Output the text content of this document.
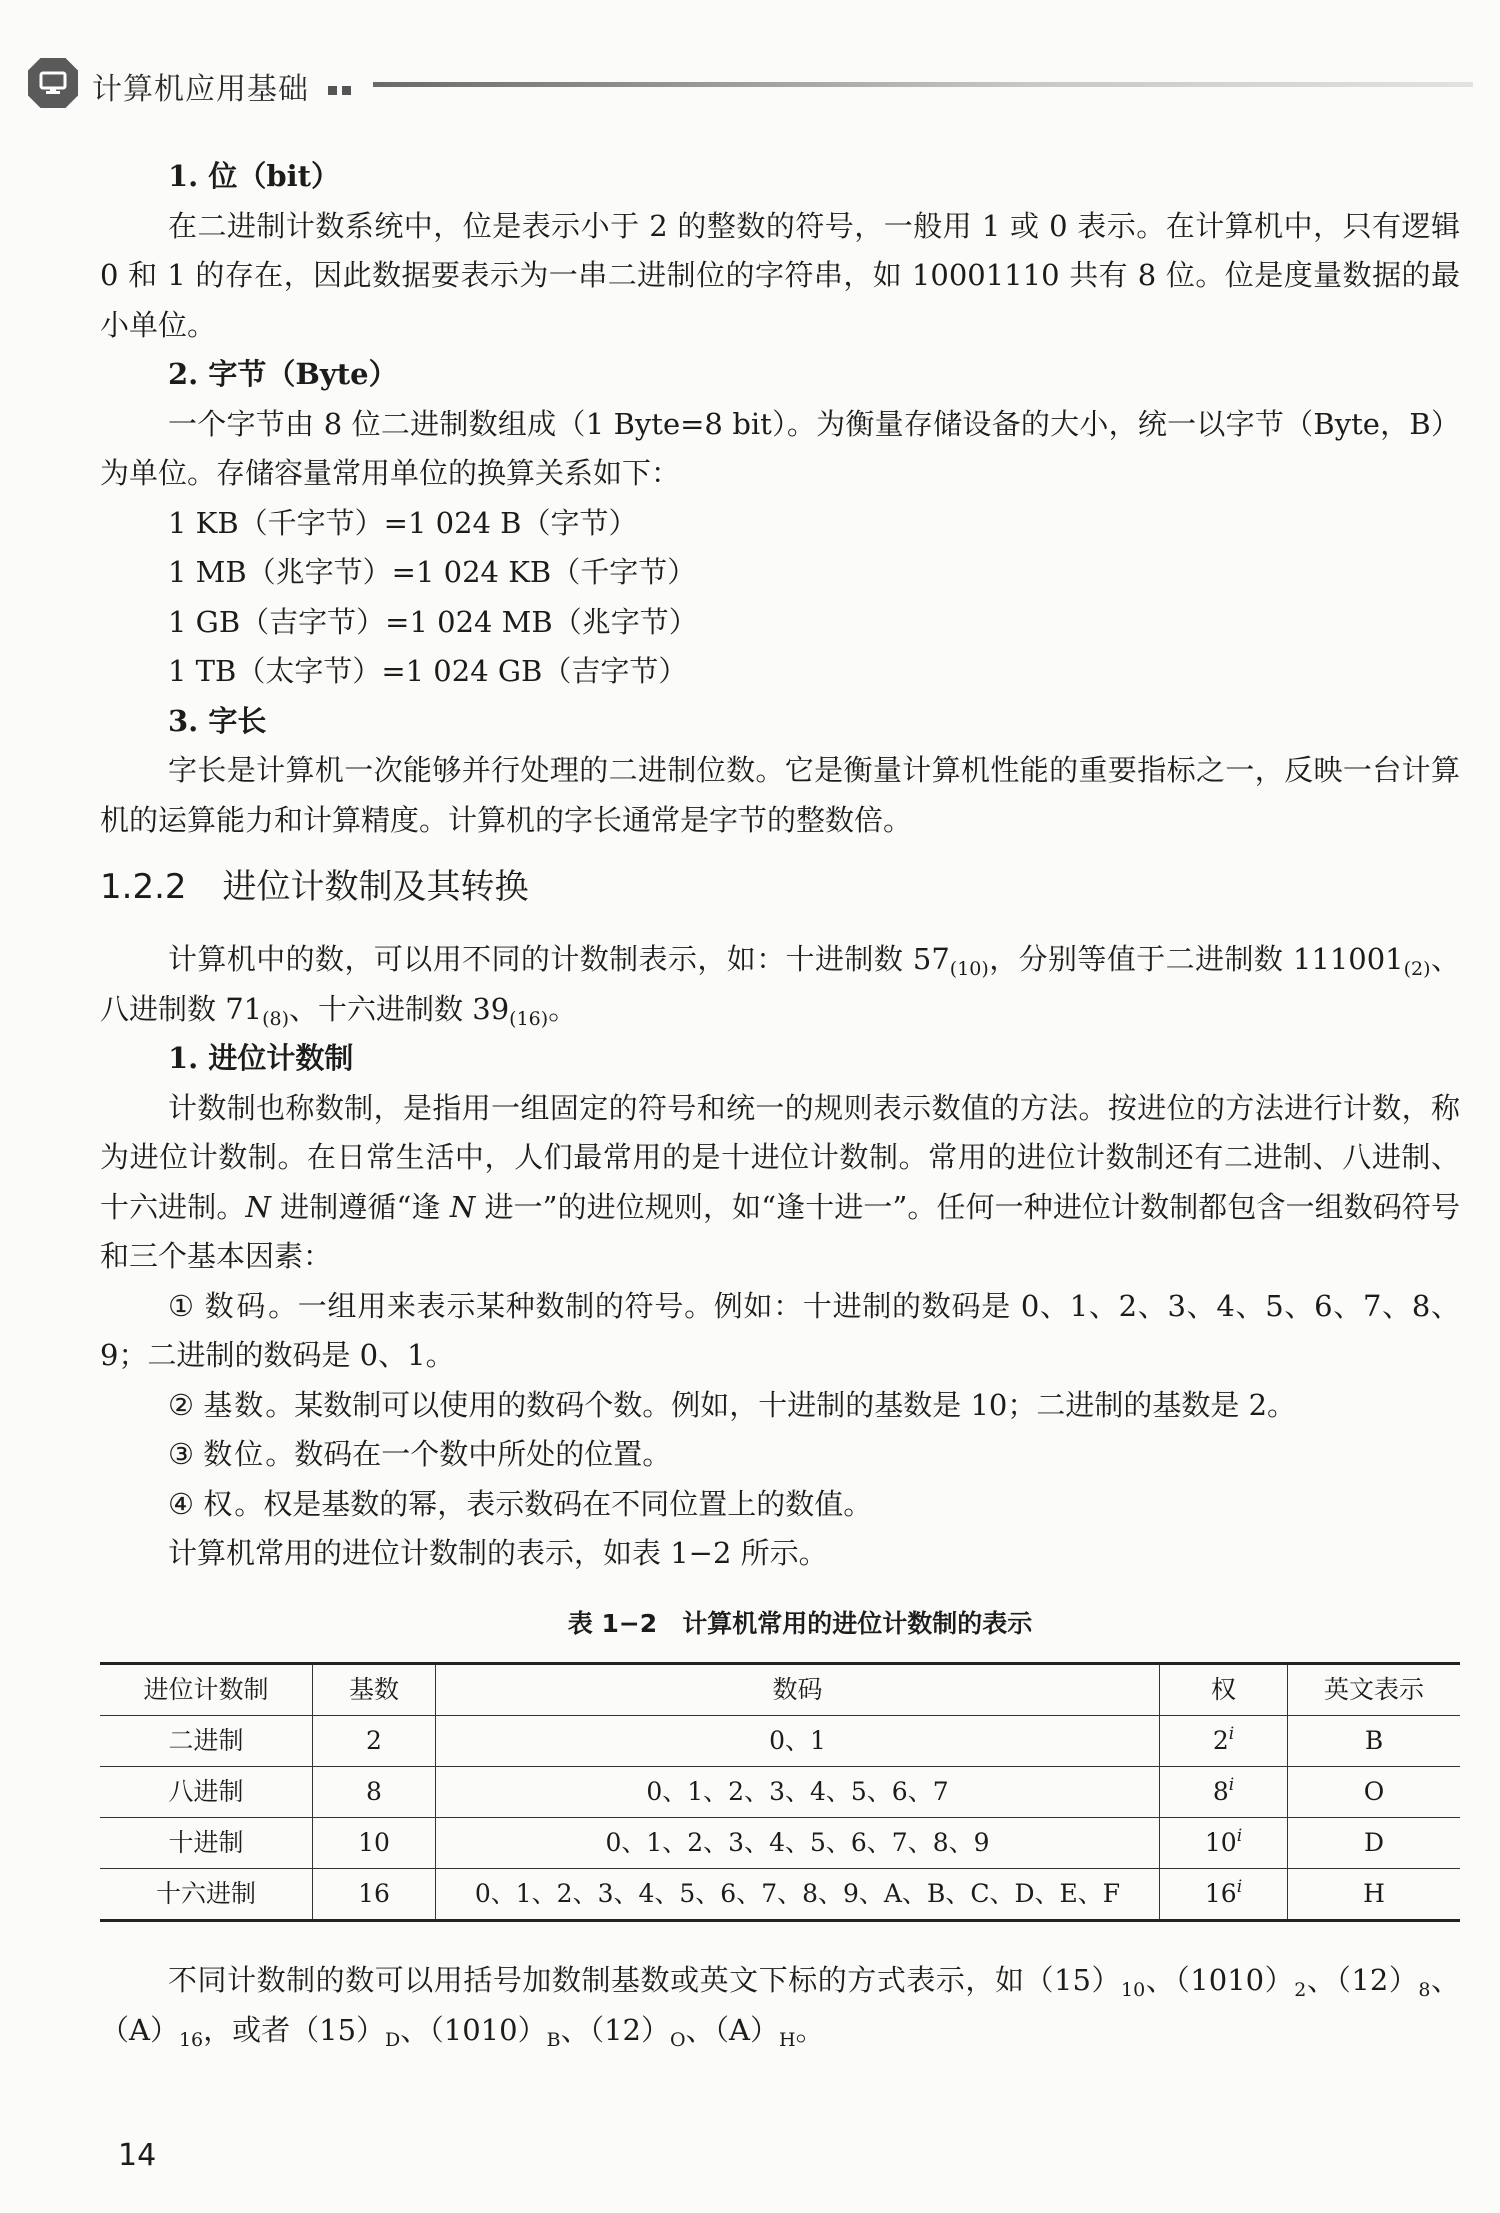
计算机应用基础

1. 位（bit）

在二进制计数系统中，位是表示小于 2 的整数的符号，一般用 1 或 0 表示。在计算机中，只有逻辑 0 和 1 的存在，因此数据要表示为一串二进制位的字符串，如 10001110 共有 8 位。位是度量数据的最小单位。

2. 字节（Byte）

一个字节由 8 位二进制数组成（1 Byte=8 bit）。为衡量存储设备的大小，统一以字节（Byte，B）为单位。存储容量常用单位的换算关系如下：

1 KB（千字节）=1 024 B（字节）

1 MB（兆字节）=1 024 KB（千字节）

1 GB（吉字节）=1 024 MB（兆字节）

1 TB（太字节）=1 024 GB（吉字节）

3. 字长

字长是计算机一次能够并行处理的二进制位数。它是衡量计算机性能的重要指标之一，反映一台计算机的运算能力和计算精度。计算机的字长通常是字节的整数倍。

1.2.2 进位计数制及其转换

计算机中的数，可以用不同的计数制表示，如：十进制数 $57_{(10)}$，分别等值于二进制数 $111001_{(2)}$、八进制数 $71_{(8)}$、十六进制数 $39_{(16)}$。

1. 进位计数制

计数制也称数制，是指用一组固定的符号和统一的规则表示数值的方法。按进位的方法进行计数，称为进位计数制。在日常生活中，人们最常用的是十进位计数制。常用的进位计数制还有二进制、八进制、十六进制。N 进制遵循“逢 N 进一”的进位规则，如“逢十进一”。任何一种进位计数制都包含一组数码符号和三个基本因素：

① 数码。一组用来表示某种数制的符号。例如：十进制的数码是 0、1、2、3、4、5、6、7、8、9；二进制的数码是 0、1。

② 基数。某数制可以使用的数码个数。例如，十进制的基数是 10；二进制的基数是 2。

③ 数位。数码在一个数中所处的位置。

④ 权。权是基数的幂，表示数码在不同位置上的数值。

计算机常用的进位计数制的表示，如表 1−2 所示。

表 1−2　计算机常用的进位计数制的表示
进位计数制	基数	数码	权	英文表示
二进制	2	0、1	2$^i$	B
八进制	8	0、1、2、3、4、5、6、7	8$^i$	O
十进制	10	0、1、2、3、4、5、6、7、8、9	10$^i$	D
十六进制	16	0、1、2、3、4、5、6、7、8、9、A、B、C、D、E、F	16$^i$	H

不同计数制的数可以用括号加数制基数或英文下标的方式表示，如$(15)_{10}$、$(1010)_2$、$(12)_8$、$(A)_{16}$，或者$(15)_D$、$(1010)_B$、$(12)_O$、$(A)_H$。

14
